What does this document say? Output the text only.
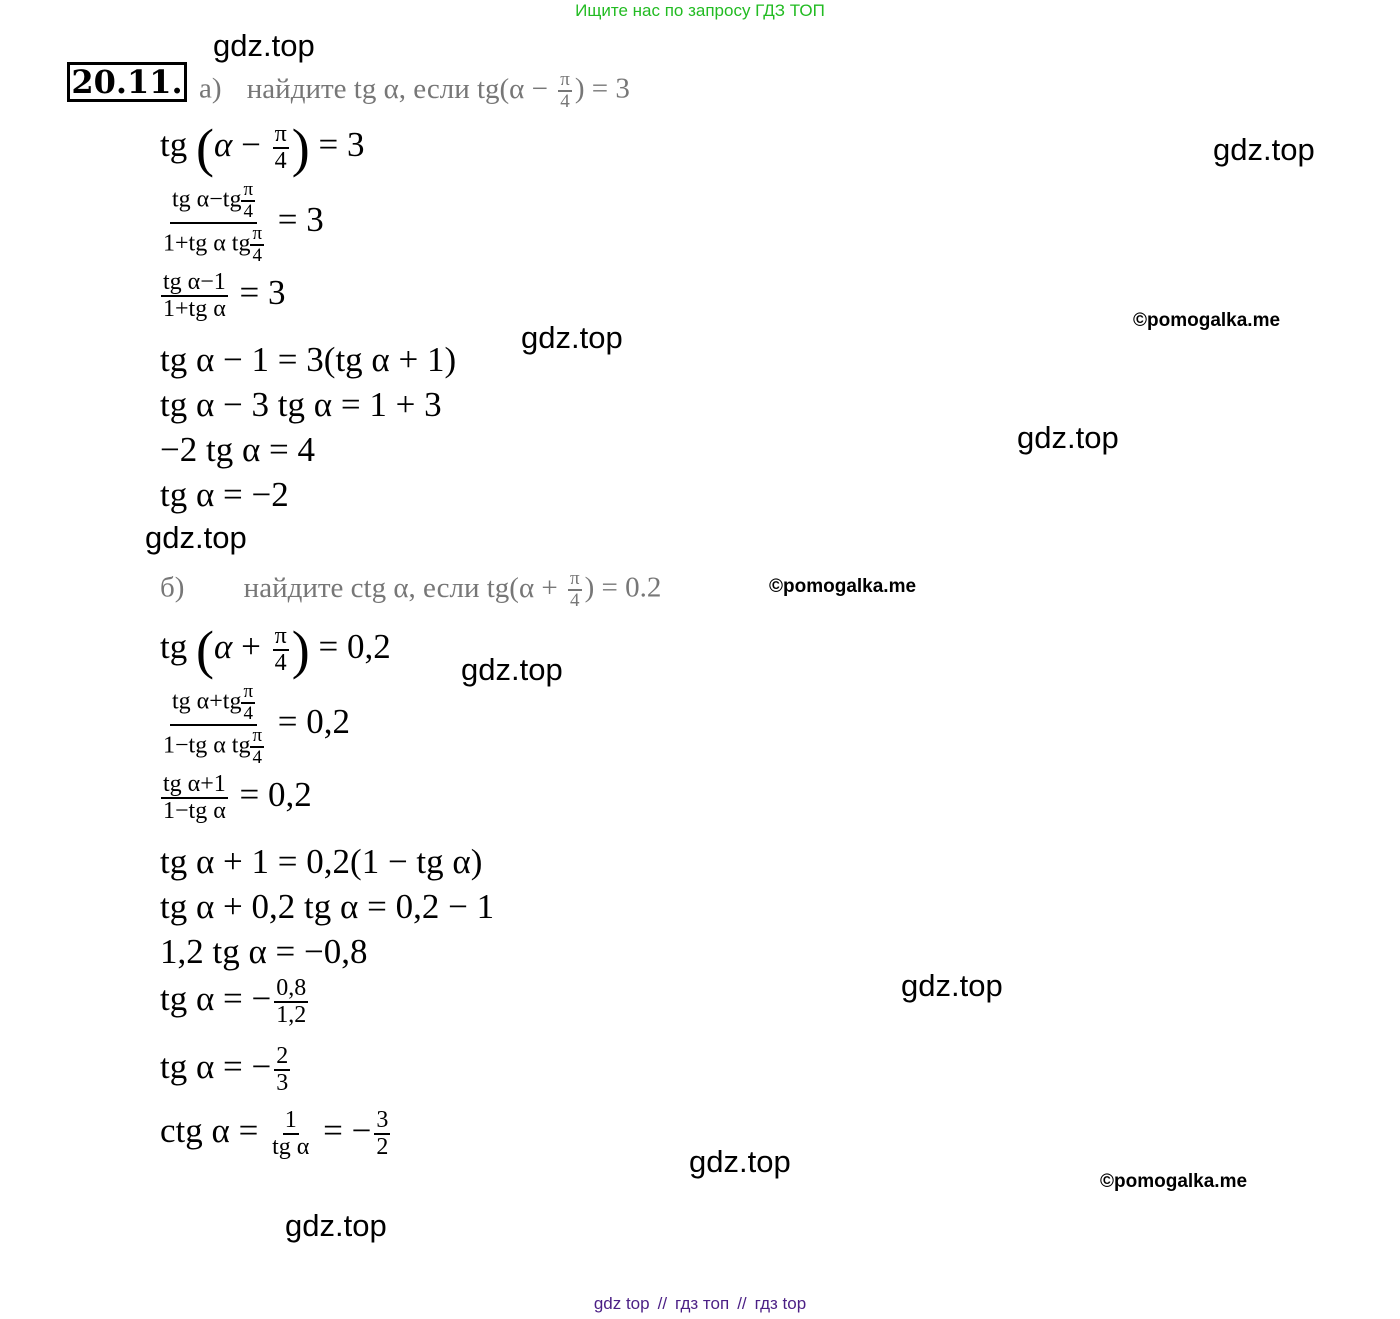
Ищите нас по запросу ГДЗ ТОП
20.11. а) найдите tg α, если $tg(\alpha - \frac{\pi}{4}$ ) = 3
tg ($\alpha - \frac{\pi}{4}$ ) = 3
$\frac{tg \alpha-tg \frac{\pi}{4}}{1+tg \alpha tg \frac{\pi}{4}} = 3$
$\frac{\text{tg α−1}}{\text{1+tg α}} = 3$
tg α − 1 = 3(tg α + 1)
tg α − 3 tg α = 1 + 3
−2 tg α = 4
tg α = −2
б) найдите ctg α, если $tg(\alpha + \frac{\pi}{4}$ ) = 0.2
tg ($\alpha + \frac{\pi}{4}$ ) = 0,2
$\frac{tg \alpha+tg \frac{\pi}{4}}{1-tg \alpha tg \frac{\pi}{4}} = 0,2$
$\frac{\text{tg α+1}}{\text{1−tg α}} = 0,2$
tg α + 1 = 0,2(1 − tg α)
tg α + 0,2 tg α = 0,2 − 1
1,2 tg α = −0,8
tg α = − $\frac{0,8}{1,2}$
tg α = − $\frac{2}{3}$
ctg $\alpha = \frac{1}{\text{tg α}}$ = − $\frac{3}{2}$
gdz.top
gdz.top
gdz.top
gdz.top
gdz.top
gdz.top
gdz.top
gdz.top
gdz.top
©pomogalka.me
©pomogalka.me
©pomogalka.me
gdz top // гдз топ // гдз top
